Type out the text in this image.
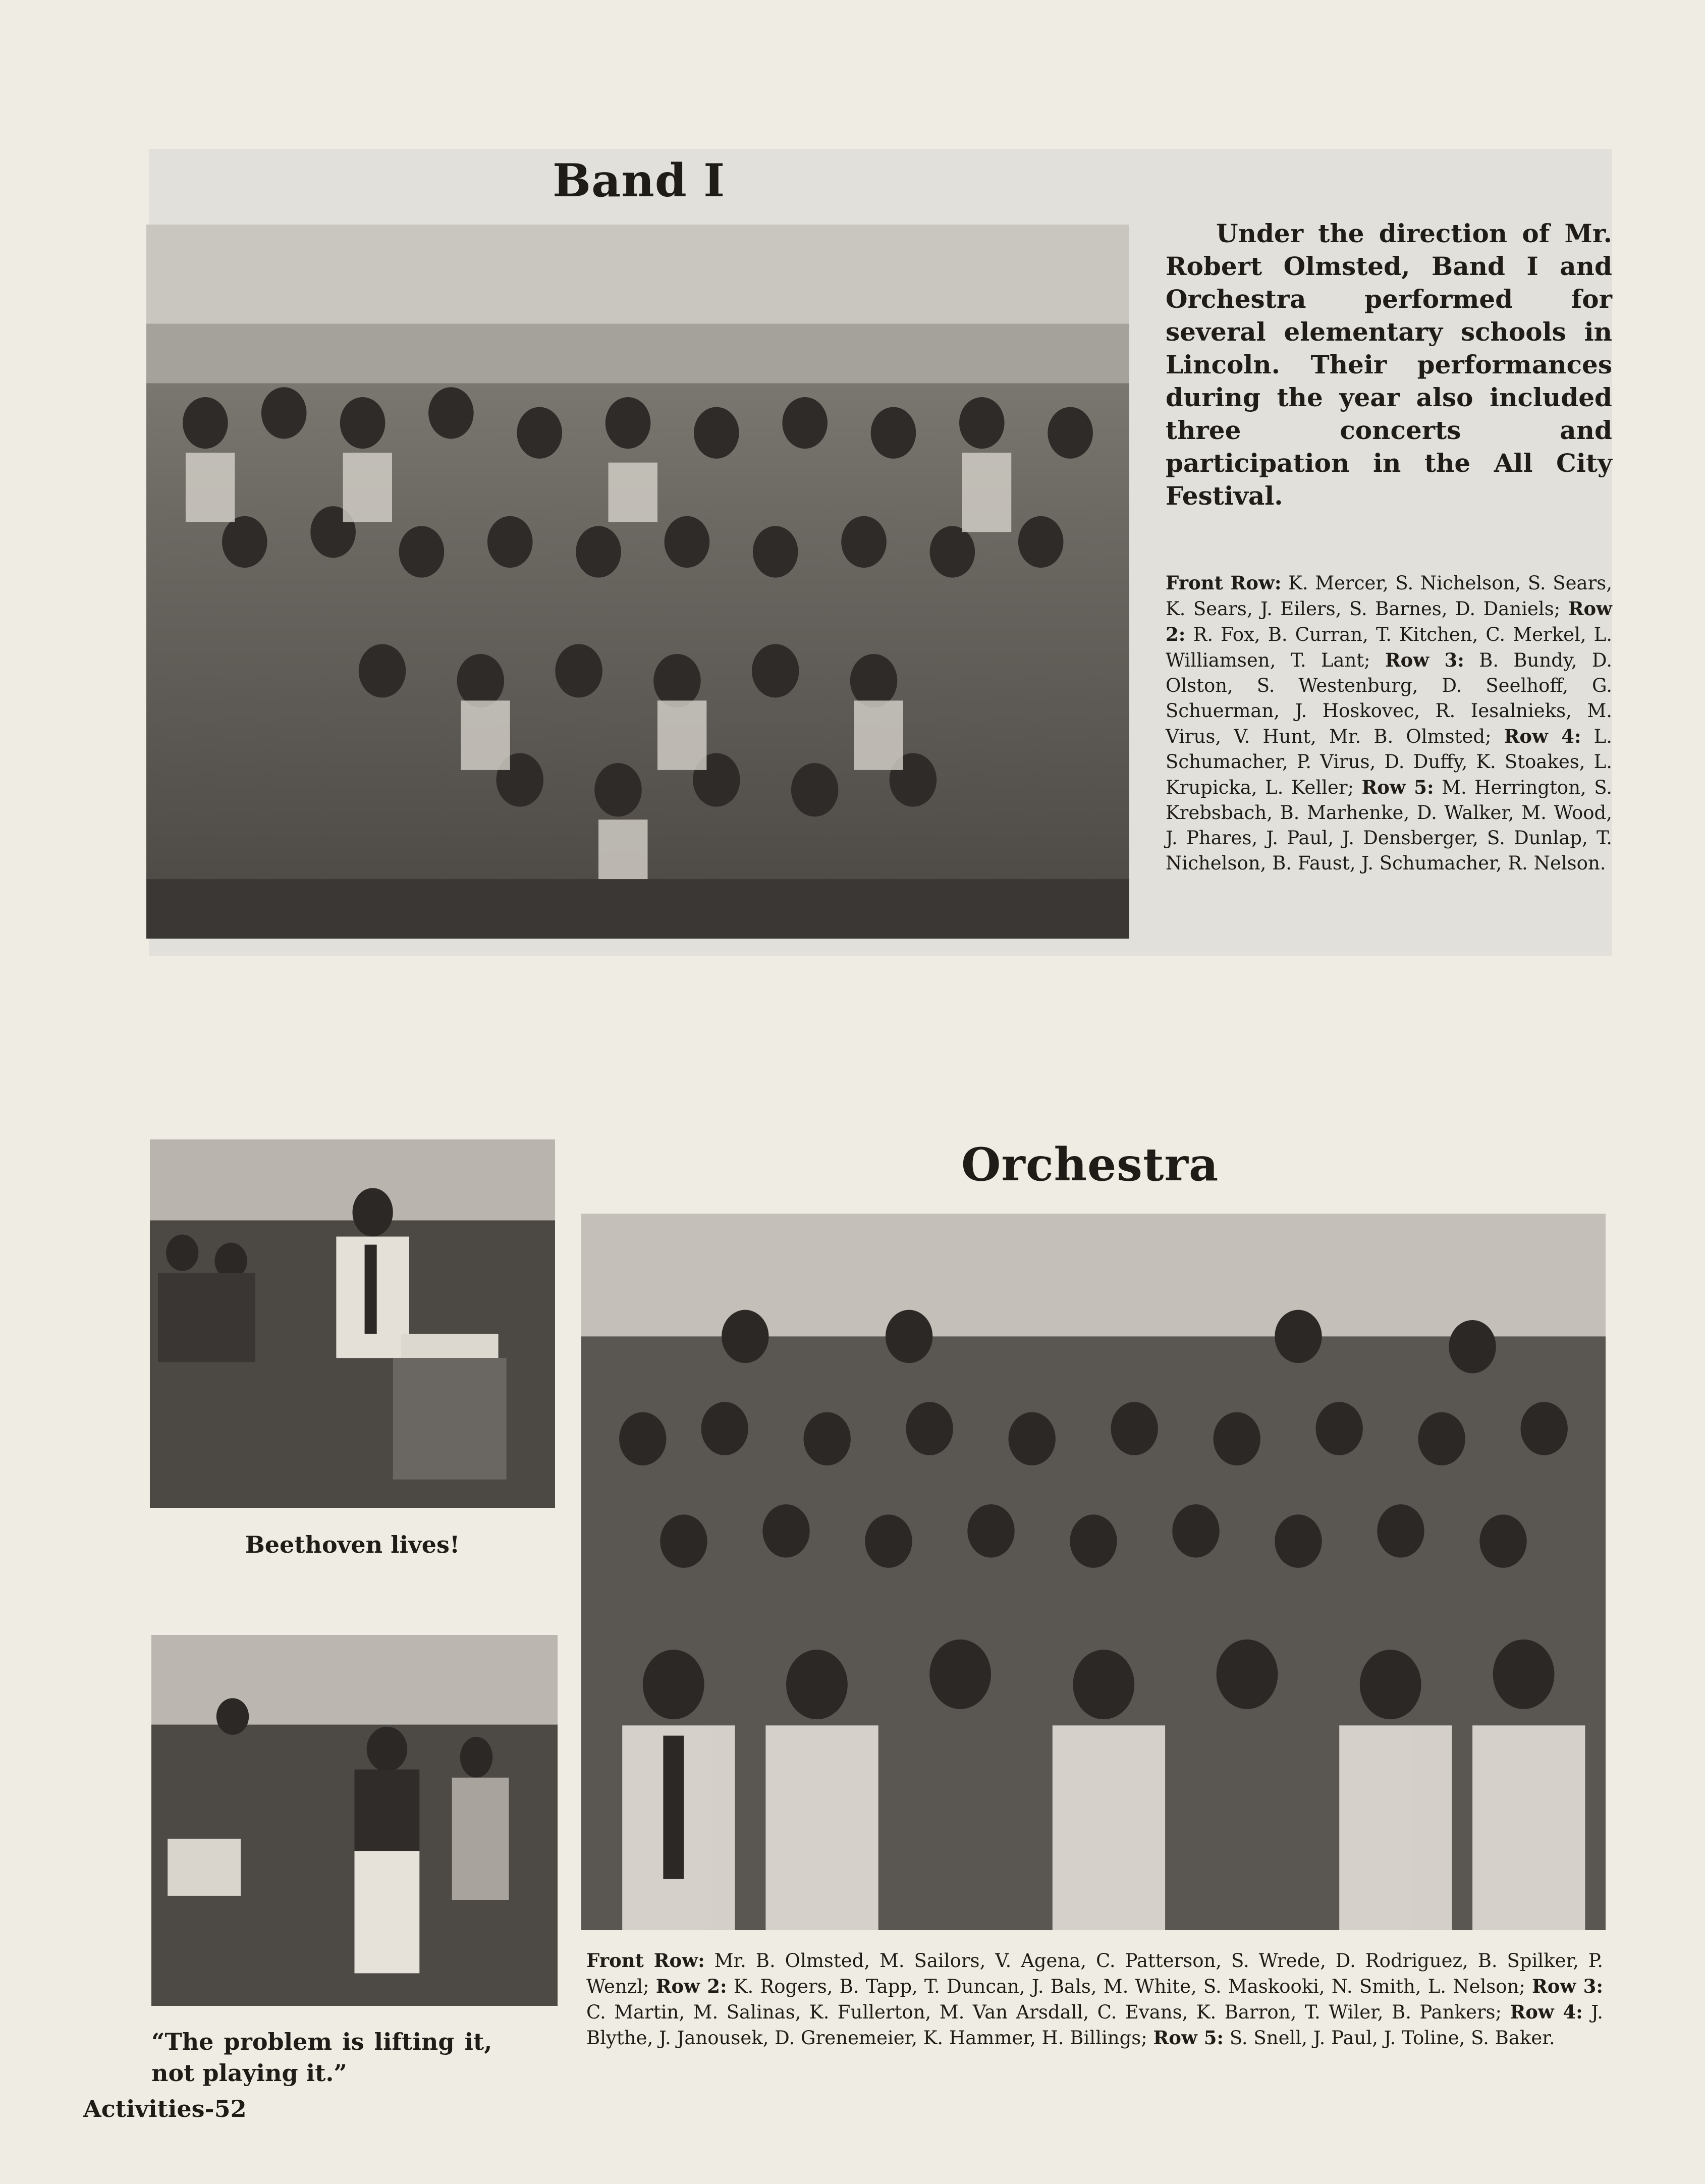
Band I
Under the direction of Mr. Robert Olmsted, Band I and Orchestra performed for several elementary schools in Lincoln. Their performances during the year also included three concerts and participation in the All City Festival.
Front Row: K. Mercer, S. Nichelson, S. Sears, K. Sears, J. Eilers, S. Barnes, D. Daniels; Row 2: R. Fox, B. Curran, T. Kitchen, C. Merkel, L. Williamsen, T. Lant; Row 3: B. Bundy, D. Olston, S. Westenburg, D. Seelhoff, G. Schuerman, J. Hoskovec, R. Iesalnieks, M. Virus, V. Hunt, Mr. B. Olmsted; Row 4: L. Schumacher, P. Virus, D. Duffy, K. Stoakes, L. Krupicka, L. Keller; Row 5: M. Herrington, S. Krebsbach, B. Marhenke, D. Walker, M. Wood, J. Phares, J. Paul, J. Densberger, S. Dunlap, T. Nichelson, B. Faust, J. Schumacher, R. Nelson.
Beethoven lives!
“The problem is lifting it,
not playing it.”
Orchestra
Front Row: Mr. B. Olmsted, M. Sailors, V. Agena, C. Patterson, S. Wrede, D. Rodriguez, B. Spilker, P. Wenzl; Row 2: K. Rogers, B. Tapp, T. Duncan, J. Bals, M. White, S. Maskooki, N. Smith, L. Nelson; Row 3: C. Martin, M. Salinas, K. Fullerton, M. Van Arsdall, C. Evans, K. Barron, T. Wiler, B. Pankers; Row 4: J. Blythe, J. Janousek, D. Grenemeier, K. Hammer, H. Billings; Row 5: S. Snell, J. Paul, J. Toline, S. Baker.
Activities-52
